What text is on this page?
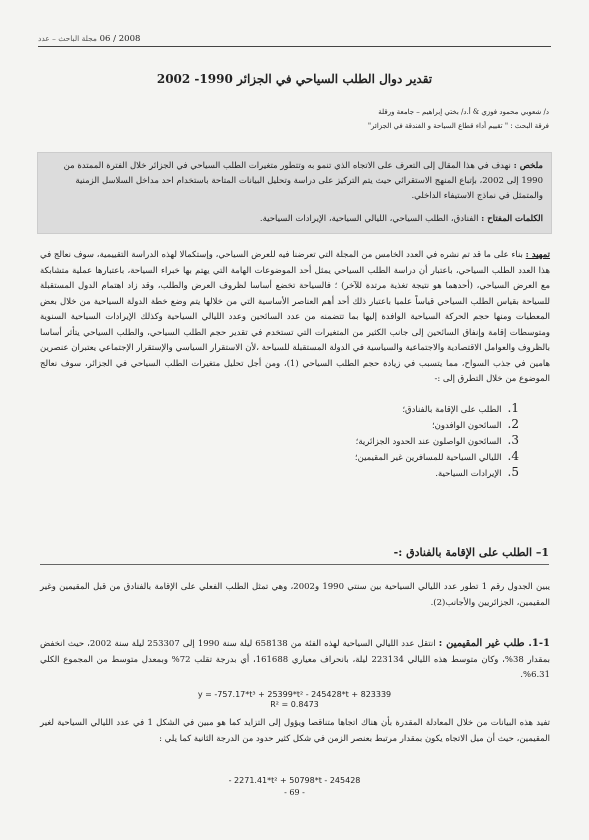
2008 / 06 مجلة الباحث – عدد
تقدير دوال الطلب السياحي في الجزائر 1990- 2002
د/ شعوبي محمود فوزي & أ.د/ بختي إبراهيم – جامعة ورقلة
فرقة البحث : " تقييم أداء قطاع السياحة و الفندقة في الجزائر"
ملخص : نهدف في هذا المقال إلى التعرف على الاتجاه الذي تنمو به وتتطور متغيرات الطلب السياحي في الجزائر خلال الفترة الممتدة من 1990 إلى 2002، بإتباع المنهج الاستقرائي حيث يتم التركيز على دراسة وتحليل البيانات المتاحة باستخدام احد مداخل السلاسل الزمنية والمتمثل في نماذج الاستيفاء الداخلي.
الكلمات المفتاح : الفنادق، الطلب السياحي، الليالي السياحية، الإيرادات السياحية.
تمهيد : بناء على ما قد تم نشره في العدد الخامس من المجلة التي تعرضنا فيه للعرض السياحي، وإستكمالا لهذه الدراسة التقييمية، سوف نعالج في هذا العدد الطلب السياحي، باعتبار أن دراسة الطلب السياحي يمثل أحد الموضوعات الهامة التي يهتم بها خبراء السياحة، باعتبارها عملية متشابكة مع العرض السياحي، (أحدهما هو نتيجة تغذية مرتدة للآخر) ؛ فالسياحة تخضع أساسا لظروف العرض والطلب، وقد زاد اهتمام الدول المستقبلة للسياحة بقياس الطلب السياحي قياساً علميا باعتبار ذلك أحد أهم العناصر الأساسية التي من خلالها يتم وضع خطة الدولة السياحية من خلال بعض المعطيات ومنها حجم الحركة السياحية الوافدة إليها بما تتضمنه من عدد السائحين وعدد الليالي السياحية وكذلك الإيرادات السياحية السنوية ومتوسطات إقامة وإنفاق السائحين إلى جانب الكثير من المتغيرات التي تستخدم في تقدير حجم الطلب السياحي، والطلب السياحي يتأثر أساسا بالظروف والعوامل الاقتصادية والاجتماعية والسياسية في الدولة المستقبلة للسياحة ،لأن الاستقرار السياسي والإستقرار الإجتماعي يعتبران عنصرين هامين في جذب السواح، مما يتسبب في زيادة حجم الطلب السياحي (1)، ومن أجل تحليل متغيرات الطلب السياحي في الجزائر، سوف نعالج الموضوع من خلال التطرق إلى :-
1.الطلب على الإقامة بالفنادق؛
2.السائحون الوافدون؛
3.السائحون الواصلون عند الحدود الجزائرية؛
4.الليالي السياحية للمسافرين غير المقيمين؛
5.الإيرادات السياحية.
1– الطلب على الإقامة بالفنادق :-
يبين الجدول رقم 1 تطور عدد الليالي السياحية بين سنتي 1990 و2002، وهي تمثل الطلب الفعلي على الإقامة بالفنادق من قبل المقيمين وغير المقيمين، الجزائريين والأجانب(2).
1-1. طلب غير المقيمين : انتقل عدد الليالي السياحية لهذه الفئة من 658138 ليلة سنة 1990 إلى 253307 ليلة سنة 2002، حيث انخفض بمقدار 38%، وكان متوسط هذه الليالي 223134 ليلة، بانحراف معياري 161688، أي بدرجة تقلب 72% وبمعدل متوسط من المجموع الكلي 6.31%.
y = -757.17*t³ + 25399*t² - 245428*t + 823339
R² = 0.8473
تفيد هذه البيانات من خلال المعادلة المقدرة بأن هناك اتجاها متناقصا ويؤول إلى التزايد كما هو مبين في الشكل 1 في عدد الليالي السياحية لغير المقيمين، حيث أن ميل الاتجاه يكون بمقدار مرتبط بعنصر الزمن في شكل كثير حدود من الدرجة الثانية كما يلي :
- 2271.41*t² + 50798*t - 245428
- 69 -
